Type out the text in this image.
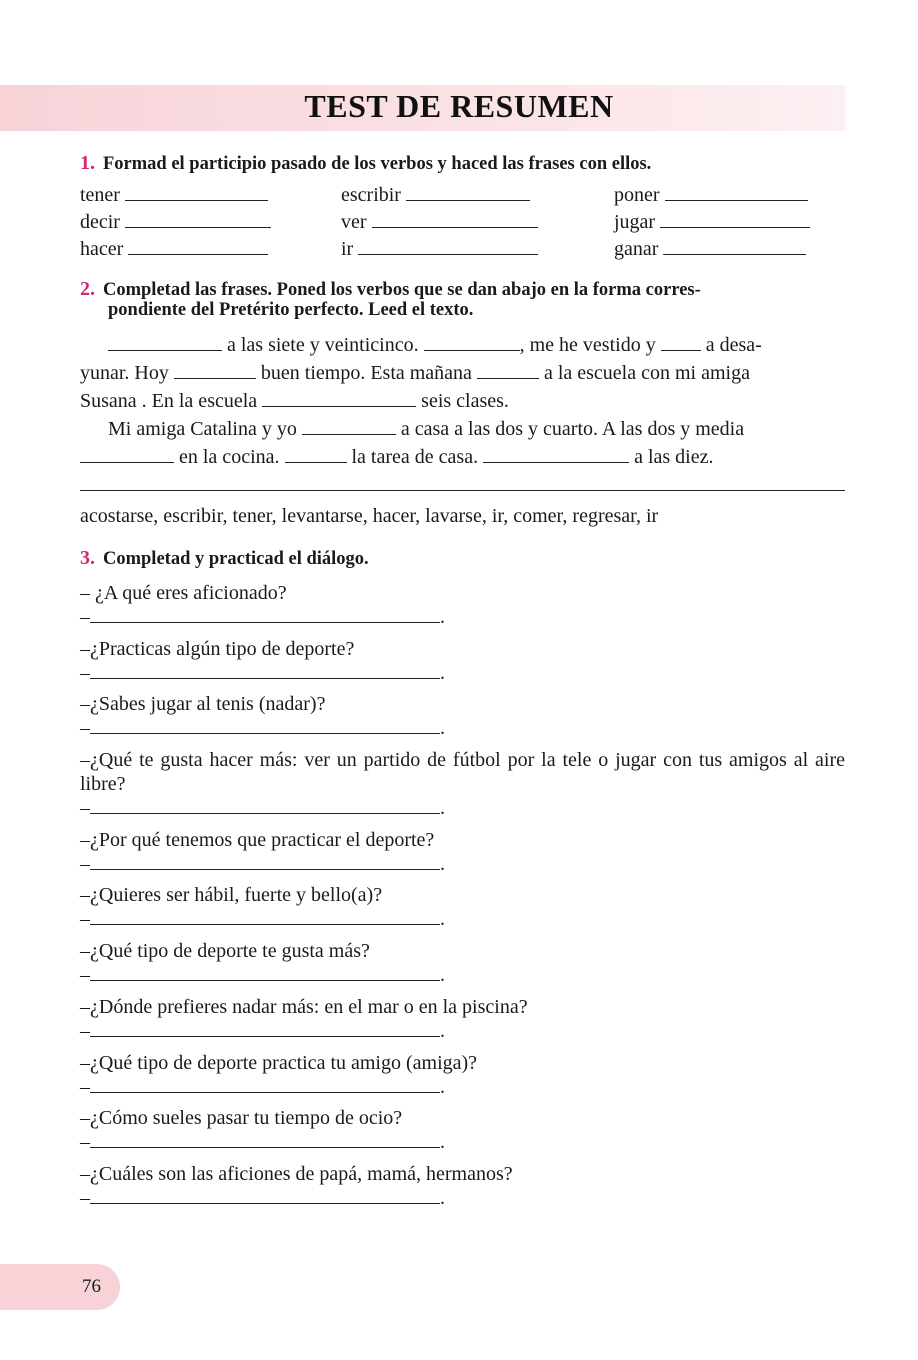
TEST DE RESUMEN
1. Formad el participio pasado de los verbos y haced las frases con ellos.
tener	escribir	poner
decir	ver	jugar
hacer	ir	ganar
2. Completad las frases. Poned los verbos que se dan abajo en la forma corres-
pondiente del Pretérito perfecto. Leed el texto.
a las siete y veinticinco.	, me he vestido y	a desa-
yunar. Hoy	buen tiempo. Esta mañana	a la escuela con mi amiga
Susana . En la escuela	seis clases.
Mi amiga Catalina y yo	a casa a las dos y cuarto. A las dos y media
en la cocina.	la tarea de casa.	a las diez.
acostarse, escribir, tener, levantarse, hacer, lavarse, ir, comer, regresar, ir
3. Completad y practicad el diálogo.
– ¿A qué eres aficionado?
–	.
–¿Practicas algún tipo de deporte?
–	.
–¿Sabes jugar al tenis (nadar)?
–	.
–¿Qué te gusta hacer más: ver un partido de fútbol por la tele o jugar con tus amigos al aire libre?
–	.
–¿Por qué tenemos que practicar el deporte?
–	.
–¿Quieres ser hábil, fuerte y bello(a)?
–	.
–¿Qué tipo de deporte te gusta más?
–	.
–¿Dónde prefieres nadar más: en el mar o en la piscina?
–	.
–¿Qué tipo de deporte practica tu amigo (amiga)?
–	.
–¿Cómo sueles pasar tu tiempo de ocio?
–	.
–¿Cuáles son las aficiones de papá, mamá, hermanos?
–	.
76
